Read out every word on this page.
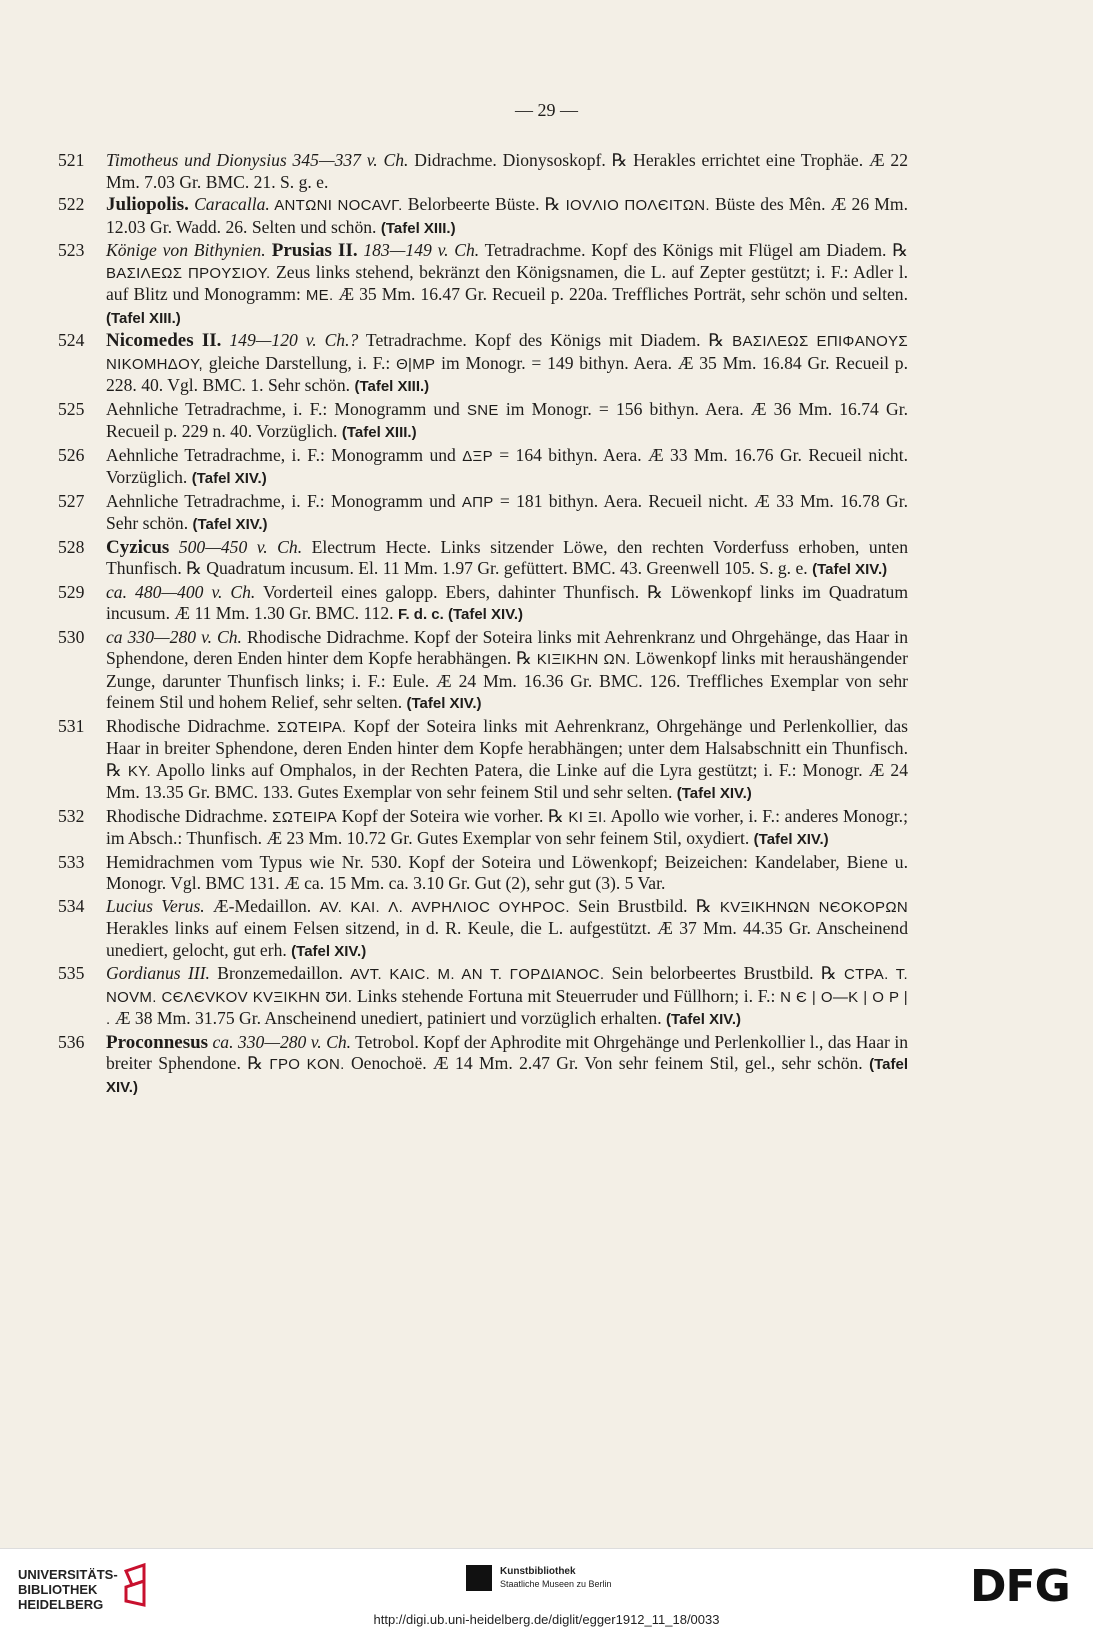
— 29 —
521	Timotheus und Dionysius 345—337 v. Ch. Didrachme. Dionysoskopf. ℞ Herakles errichtet eine Trophäe. Æ 22 Mm. 7.03 Gr. BMC. 21. S. g. e.
522	Juliopolis. Caracalla. ANTΩNI NOCAVΓ. Belorbeerte Büste. ℞ IOVΛIO ΠOΛЄITΩN. Büste des Mên. Æ 26 Mm. 12.03 Gr. Wadd. 26. Selten und schön. (Tafel XIII.)
523	Könige von Bithynien. Prusias II. 183—149 v. Ch. Tetradrachme. Kopf des Königs mit Flügel am Diadem. ℞ BAΣIΛEΩΣ ΠPOYΣIOY. Zeus links stehend, bekränzt den Königsnamen, die L. auf Zepter gestützt; i. F.: Adler l. auf Blitz und Monogramm: ME. Æ 35 Mm. 16.47 Gr. Recueil p. 220a. Treffliches Porträt, sehr schön und selten. (Tafel XIII.)
524	Nicomedes II. 149—120 v. Ch.? Tetradrachme. Kopf des Königs mit Diadem. ℞ BAΣIΛEΩΣ EΠIΦANOYΣ NIKOMHΔOY, gleiche Darstellung, i. F.: Θ|MP im Monogr. = 149 bithyn. Aera. Æ 35 Mm. 16.84 Gr. Recueil p. 228. 40. Vgl. BMC. 1. Sehr schön. (Tafel XIII.)
525	Aehnliche Tetradrachme, i. F.: Monogramm und SNE im Monogr. = 156 bithyn. Aera. Æ 36 Mm. 16.74 Gr. Recueil p. 229 n. 40. Vorzüglich. (Tafel XIII.)
526	Aehnliche Tetradrachme, i. F.: Monogramm und ΔΞP = 164 bithyn. Aera. Æ 33 Mm. 16.76 Gr. Recueil nicht. Vorzüglich. (Tafel XIV.)
527	Aehnliche Tetradrachme, i. F.: Monogramm und AΠP = 181 bithyn. Aera. Recueil nicht. Æ 33 Mm. 16.78 Gr. Sehr schön. (Tafel XIV.)
528	Cyzicus 500—450 v. Ch. Electrum Hecte. Links sitzender Löwe, den rechten Vorderfuss erhoben, unten Thunfisch. ℞ Quadratum incusum. El. 11 Mm. 1.97 Gr. gefüttert. BMC. 43. Greenwell 105. S. g. e. (Tafel XIV.)
529	ca. 480—400 v. Ch. Vorderteil eines galopp. Ebers, dahinter Thunfisch. ℞ Löwenkopf links im Quadratum incusum. Æ 11 Mm. 1.30 Gr. BMC. 112. F. d. c. (Tafel XIV.)
530	ca 330—280 v. Ch. Rhodische Didrachme. Kopf der Soteira links mit Aehrenkranz und Ohrgehänge, das Haar in Sphendone, deren Enden hinter dem Kopfe herabhängen. ℞ KIΞIKHN ΩN. Löwenkopf links mit heraushängender Zunge, darunter Thunfisch links; i. F.: Eule. Æ 24 Mm. 16.36 Gr. BMC. 126. Treffliches Exemplar von sehr feinem Stil und hohem Relief, sehr selten. (Tafel XIV.)
531	Rhodische Didrachme. ΣΩTEIPA. Kopf der Soteira links mit Aehrenkranz, Ohrgehänge und Perlenkollier, das Haar in breiter Sphendone, deren Enden hinter dem Kopfe herabhängen; unter dem Halsabschnitt ein Thunfisch. ℞ KY. Apollo links auf Omphalos, in der Rechten Patera, die Linke auf die Lyra gestützt; i. F.: Monogr. Æ 24 Mm. 13.35 Gr. BMC. 133. Gutes Exemplar von sehr feinem Stil und sehr selten. (Tafel XIV.)
532	Rhodische Didrachme. ΣΩTEIPA Kopf der Soteira wie vorher. ℞ KI ΞI. Apollo wie vorher, i. F.: anderes Monogr.; im Absch.: Thunfisch. Æ 23 Mm. 10.72 Gr. Gutes Exemplar von sehr feinem Stil, oxydiert. (Tafel XIV.)
533	Hemidrachmen vom Typus wie Nr. 530. Kopf der Soteira und Löwenkopf; Beizeichen: Kandelaber, Biene u. Monogr. Vgl. BMC 131. Æ ca. 15 Mm. ca. 3.10 Gr. Gut (2), sehr gut (3). 5 Var.
534	Lucius Verus. Æ-Medaillon. AV. KAI. Λ. AVPHΛIOC OYHPOC. Sein Brustbild. ℞ KVΞIKHNΩN NЄOKOPΩN Herakles links auf einem Felsen sitzend, in d. R. Keule, die L. aufgestützt. Æ 37 Mm. 44.35 Gr. Anscheinend unediert, gelocht, gut erh. (Tafel XIV.)
535	Gordianus III. Bronzemedaillon. AVT. KAIC. M. AN T. ΓOPΔIANOC. Sein belorbeertes Brustbild. ℞ CTPA. T. NOVM. CЄΛЄVKOV KVΞIKHN ƱИ. Links stehende Fortuna mit Steuerruder und Füllhorn; i. F.: N Є | O—K | O P | . Æ 38 Mm. 31.75 Gr. Anscheinend unediert, patiniert und vorzüglich erhalten. (Tafel XIV.)
536	Proconnesus ca. 330—280 v. Ch. Tetrobol. Kopf der Aphrodite mit Ohrgehänge und Perlenkollier l., das Haar in breiter Sphendone. ℞ ΓPO KON. Oenochoë. Æ 14 Mm. 2.47 Gr. Von sehr feinem Stil, gel., sehr schön. (Tafel XIV.)
UNIVERSITÄTS-
BIBLIOTHEK
HEIDELBERG
Kunstbibliothek
Staatliche Museen zu Berlin	DFG
http://digi.ub.uni-heidelberg.de/diglit/egger1912_11_18/0033
